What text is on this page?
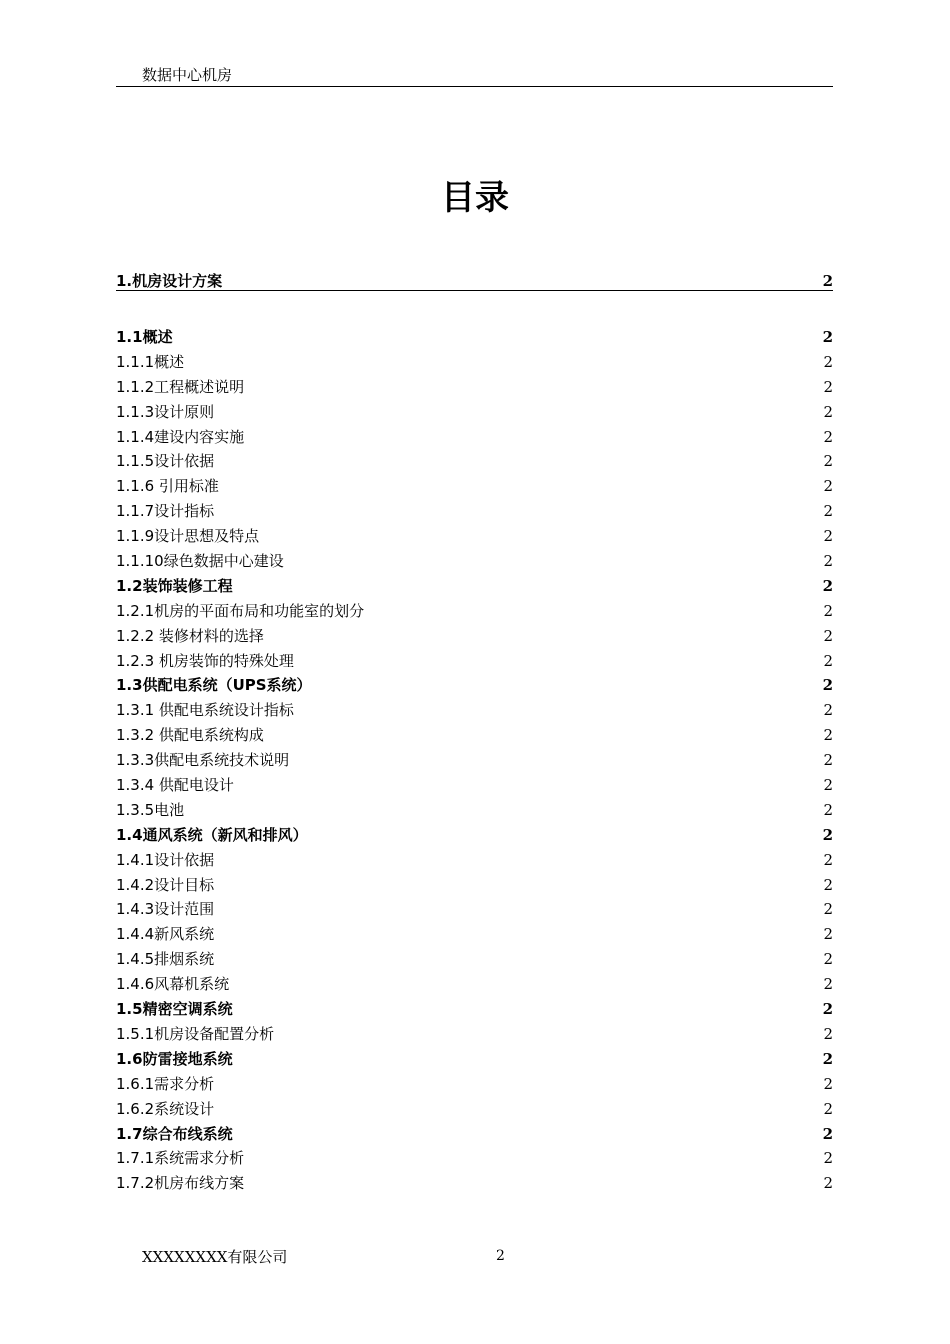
数据中心机房
目录
1.机房设计方案	2
1.1概述	2
1.1.1概述	2
1.1.2工程概述说明	2
1.1.3设计原则	2
1.1.4建设内容实施	2
1.1.5设计依据	2
1.1.6 引用标准	2
1.1.7设计指标	2
1.1.9设计思想及特点	2
1.1.10绿色数据中心建设	2
1.2装饰装修工程	2
1.2.1机房的平面布局和功能室的划分	2
1.2.2 装修材料的选择	2
1.2.3 机房装饰的特殊处理	2
1.3供配电系统（UPS系统）	2
1.3.1 供配电系统设计指标	2
1.3.2 供配电系统构成	2
1.3.3供配电系统技术说明	2
1.3.4 供配电设计	2
1.3.5电池	2
1.4通风系统（新风和排风）	2
1.4.1设计依据	2
1.4.2设计目标	2
1.4.3设计范围	2
1.4.4新风系统	2
1.4.5排烟系统	2
1.4.6风幕机系统	2
1.5精密空调系统	2
1.5.1机房设备配置分析	2
1.6防雷接地系统	2
1.6.1需求分析	2
1.6.2系统设计	2
1.7综合布线系统	2
1.7.1系统需求分析	2
1.7.2机房布线方案	2
XXXXXXXX有限公司	2
